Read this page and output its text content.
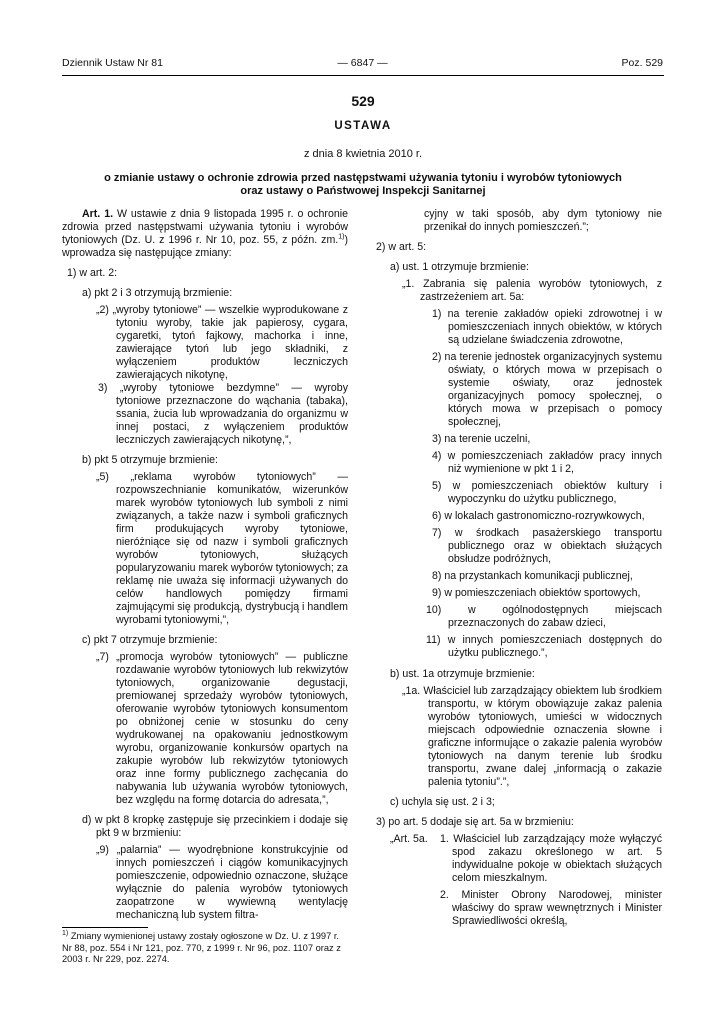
Dziennik Ustaw Nr 81	— 6847 —	Poz. 529
529
USTAWA
z dnia 8 kwietnia 2010 r.
o zmianie ustawy o ochronie zdrowia przed następstwami używania tytoniu i wyrobów tytoniowych
oraz ustawy o Państwowej Inspekcji Sanitarnej

Art. 1. W ustawie z dnia 9 listopada 1995 r. o ochronie zdrowia przed następstwami używania tytoniu i wyrobów tytoniowych (Dz. U. z 1996 r. Nr 10, poz. 55, z późn. zm.$^{1)}$) wprowadza się następujące zmiany:

1) w art. 2:

a) pkt 2 i 3 otrzymują brzmienie:

„2) „wyroby tytoniowe” — wszelkie wyprodukowane z tytoniu wyroby, takie jak papierosy, cygara, cygaretki, tytoń fajkowy, machorka i inne, zawierające tytoń lub jego składniki, z wyłączeniem produktów leczniczych zawierających nikotynę,

3) „wyroby tytoniowe bezdymne” — wyroby tytoniowe przeznaczone do wąchania (tabaka), ssania, żucia lub wprowadzania do organizmu w innej postaci, z wyłączeniem produktów leczniczych zawierających nikotynę,”,

b) pkt 5 otrzymuje brzmienie:

„5) „reklama wyrobów tytoniowych” — rozpowszechnianie komunikatów, wizerunków marek wyrobów tytoniowych lub symboli z nimi związanych, a także nazw i symboli graficznych firm produkujących wyroby tytoniowe, nieróżniące się od nazw i symboli graficznych wyrobów tytoniowych, służących popularyzowaniu marek wyborów tytoniowych; za reklamę nie uważa się informacji używanych do celów handlowych pomiędzy firmami zajmującymi się produkcją, dystrybucją i handlem wyrobami tytoniowymi,”,

c) pkt 7 otrzymuje brzmienie:

„7) „promocja wyrobów tytoniowych” — publiczne rozdawanie wyrobów tytoniowych lub rekwizytów tytoniowych, organizowanie degustacji, premiowanej sprzedaży wyrobów tytoniowych, oferowanie wyrobów tytoniowych konsumentom po obniżonej cenie w stosunku do ceny wydrukowanej na opakowaniu jednostkowym wyrobu, organizowanie konkursów opartych na zakupie wyrobów lub rekwizytów tytoniowych oraz inne formy publicznego zachęcania do nabywania lub używania wyrobów tytoniowych, bez względu na formę dotarcia do adresata,”,

d) w pkt 8 kropkę zastępuje się przecinkiem i dodaje się pkt 9 w brzmieniu:

„9) „palarnia” — wyodrębnione konstrukcyjnie od innych pomieszczeń i ciągów komunikacyjnych pomieszczenie, odpowiednio oznaczone, służące wyłącznie do palenia wyrobów tytoniowych zaopatrzone w wywiewną wentylację mechaniczną lub system filtra-

$^{1)}$ Zmiany wymienionej ustawy zostały ogłoszone w Dz. U. z 1997 r. Nr 88, poz. 554 i Nr 121, poz. 770, z 1999 r. Nr 96, poz. 1107 oraz z 2003 r. Nr 229, poz. 2274.

cyjny w taki sposób, aby dym tytoniowy nie przenikał do innych pomieszczeń.”;

2) w art. 5:

a) ust. 1 otrzymuje brzmienie:

„1. Zabrania się palenia wyrobów tytoniowych, z zastrzeżeniem art. 5a:

1) na terenie zakładów opieki zdrowotnej i w pomieszczeniach innych obiektów, w których są udzielane świadczenia zdrowotne,

2) na terenie jednostek organizacyjnych systemu oświaty, o których mowa w przepisach o systemie oświaty, oraz jednostek organizacyjnych pomocy społecznej, o których mowa w przepisach o pomocy społecznej,

3) na terenie uczelni,

4) w pomieszczeniach zakładów pracy innych niż wymienione w pkt 1 i 2,

5) w pomieszczeniach obiektów kultury i wypoczynku do użytku publicznego,

6) w lokalach gastronomiczno-rozrywkowych,

7) w środkach pasażerskiego transportu publicznego oraz w obiektach służących obsłudze podróżnych,

8) na przystankach komunikacji publicznej,

9) w pomieszczeniach obiektów sportowych,

10) w ogólnodostępnych miejscach przeznaczonych do zabaw dzieci,

11) w innych pomieszczeniach dostępnych do użytku publicznego.”,

b) ust. 1a otrzymuje brzmienie:

„1a. Właściciel lub zarządzający obiektem lub środkiem transportu, w którym obowiązuje zakaz palenia wyrobów tytoniowych, umieści w widocznych miejscach odpowiednie oznaczenia słowne i graficzne informujące o zakazie palenia wyrobów tytoniowych na danym terenie lub środku transportu, zwane dalej „informacją o zakazie palenia tytoniu”.”,

c) uchyla się ust. 2 i 3;

3) po art. 5 dodaje się art. 5a w brzmieniu:

„Art. 5a. 1. Właściciel lub zarządzający może wyłączyć spod zakazu określonego w art. 5 indywidualne pokoje w obiektach służących celom mieszkalnym.

2. Minister Obrony Narodowej, minister właściwy do spraw wewnętrznych i Minister Sprawiedliwości określą,
